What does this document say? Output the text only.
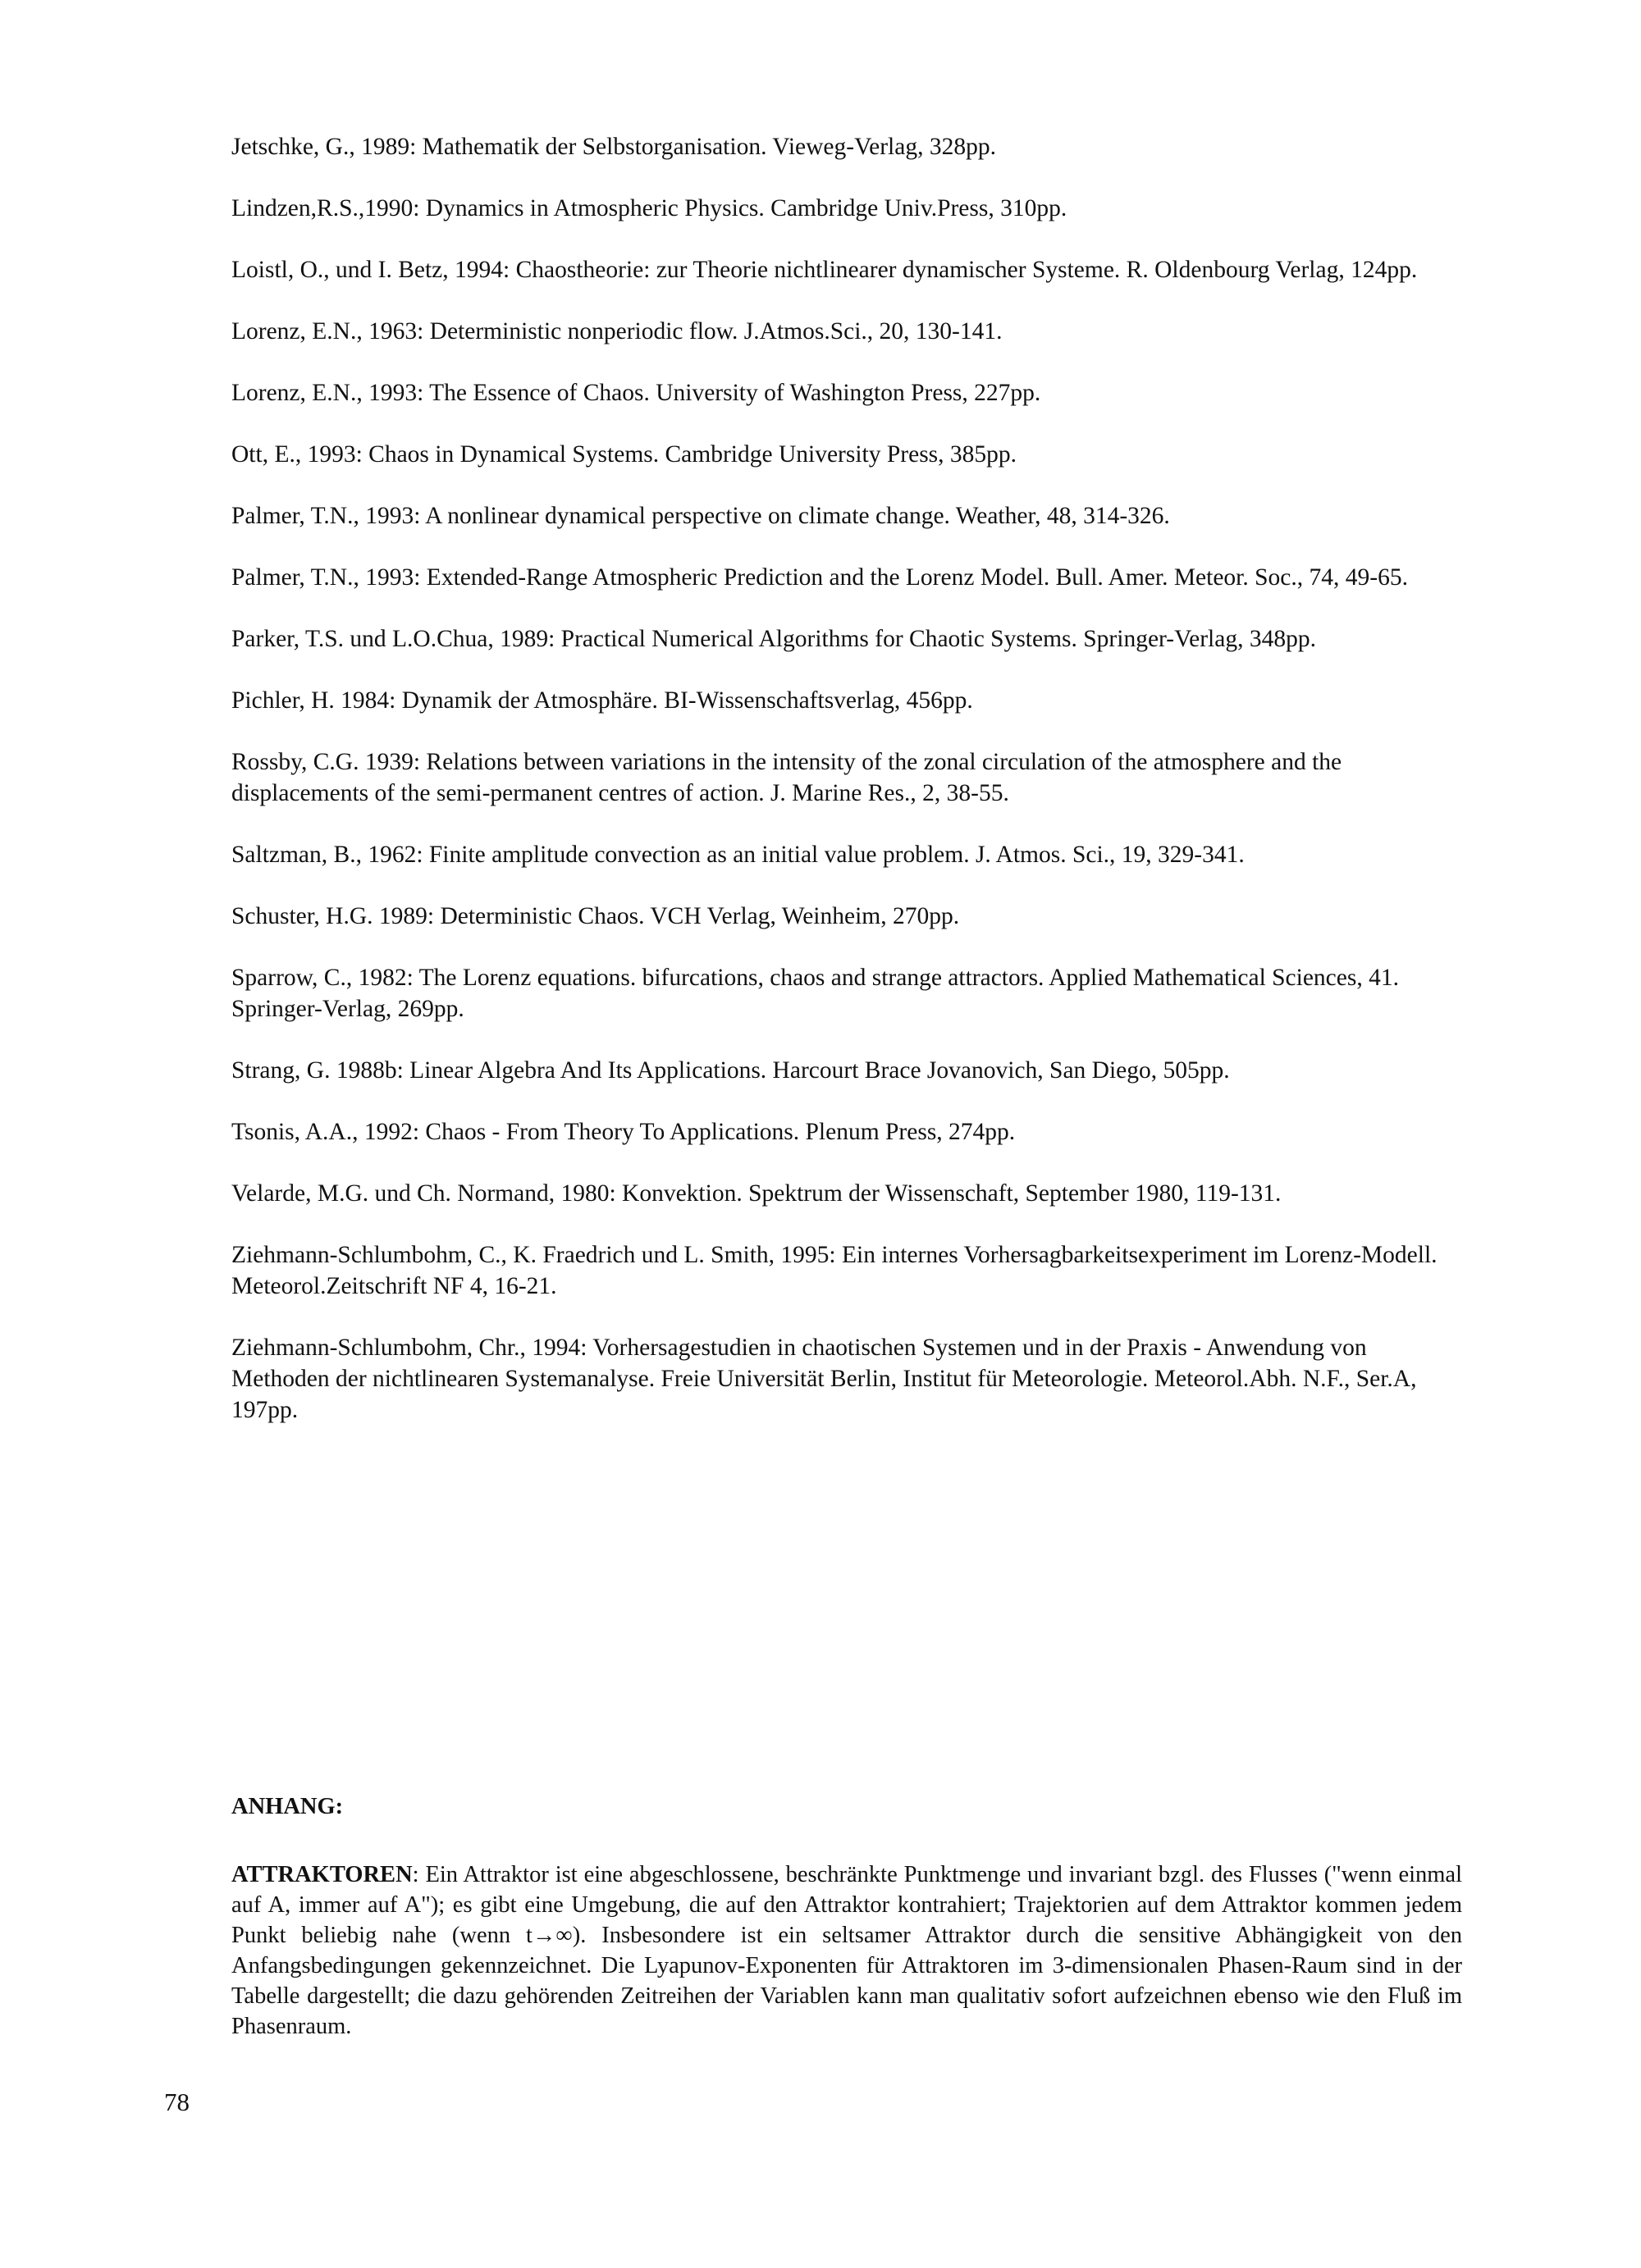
Jetschke, G., 1989: Mathematik der Selbstorganisation. Vieweg-Verlag, 328pp.

Lindzen,R.S.,1990: Dynamics in Atmospheric Physics. Cambridge Univ.Press, 310pp.

Loistl, O., und I. Betz, 1994: Chaostheorie: zur Theorie nichtlinearer dynamischer Systeme. R. Oldenbourg Verlag, 124pp.

Lorenz, E.N., 1963: Deterministic nonperiodic flow. J.Atmos.Sci., 20, 130-141.

Lorenz, E.N., 1993: The Essence of Chaos. University of Washington Press, 227pp.

Ott, E., 1993: Chaos in Dynamical Systems. Cambridge University Press, 385pp.

Palmer, T.N., 1993: A nonlinear dynamical perspective on climate change. Weather, 48, 314-326.

Palmer, T.N., 1993: Extended-Range Atmospheric Prediction and the Lorenz Model. Bull. Amer. Meteor. Soc., 74, 49-65.

Parker, T.S. und L.O.Chua, 1989: Practical Numerical Algorithms for Chaotic Systems. Springer-Verlag, 348pp.

Pichler, H. 1984: Dynamik der Atmosphäre. BI-Wissenschaftsverlag, 456pp.

Rossby, C.G. 1939: Relations between variations in the intensity of the zonal circulation of the atmosphere and the displacements of the semi-permanent centres of action. J. Marine Res., 2, 38-55.

Saltzman, B., 1962: Finite amplitude convection as an initial value problem. J. Atmos. Sci., 19, 329-341.

Schuster, H.G. 1989: Deterministic Chaos. VCH Verlag, Weinheim, 270pp.

Sparrow, C., 1982: The Lorenz equations. bifurcations, chaos and strange attractors. Applied Mathematical Sciences, 41. Springer-Verlag, 269pp.

Strang, G. 1988b: Linear Algebra And Its Applications. Harcourt Brace Jovanovich, San Diego, 505pp.

Tsonis, A.A., 1992: Chaos - From Theory To Applications. Plenum Press, 274pp.

Velarde, M.G. und Ch. Normand, 1980: Konvektion. Spektrum der Wissenschaft, September 1980, 119-131.

Ziehmann-Schlumbohm, C., K. Fraedrich und L. Smith, 1995: Ein internes Vorhersagbarkeitsexperiment im Lorenz-Modell. Meteorol.Zeitschrift NF 4, 16-21.

Ziehmann-Schlumbohm, Chr., 1994: Vorhersagestudien in chaotischen Systemen und in der Praxis - Anwendung von Methoden der nichtlinearen Systemanalyse. Freie Universität Berlin, Institut für Meteorologie. Meteorol.Abh. N.F., Ser.A, 197pp.

ANHANG:

ATTRAKTOREN: Ein Attraktor ist eine abgeschlossene, beschränkte Punktmenge und invariant bzgl. des Flusses ("wenn einmal auf A, immer auf A"); es gibt eine Umgebung, die auf den Attraktor kontrahiert; Trajektorien auf dem Attraktor kommen jedem Punkt beliebig nahe (wenn t→∞). Insbesondere ist ein seltsamer Attraktor durch die sensitive Abhängigkeit von den Anfangsbedingungen gekennzeichnet. Die Lyapunov-Exponenten für Attraktoren im 3-dimensionalen Phasen-Raum sind in der Tabelle dargestellt; die dazu gehörenden Zeitreihen der Variablen kann man qualitativ sofort aufzeichnen ebenso wie den Fluß im Phasenraum.

78
